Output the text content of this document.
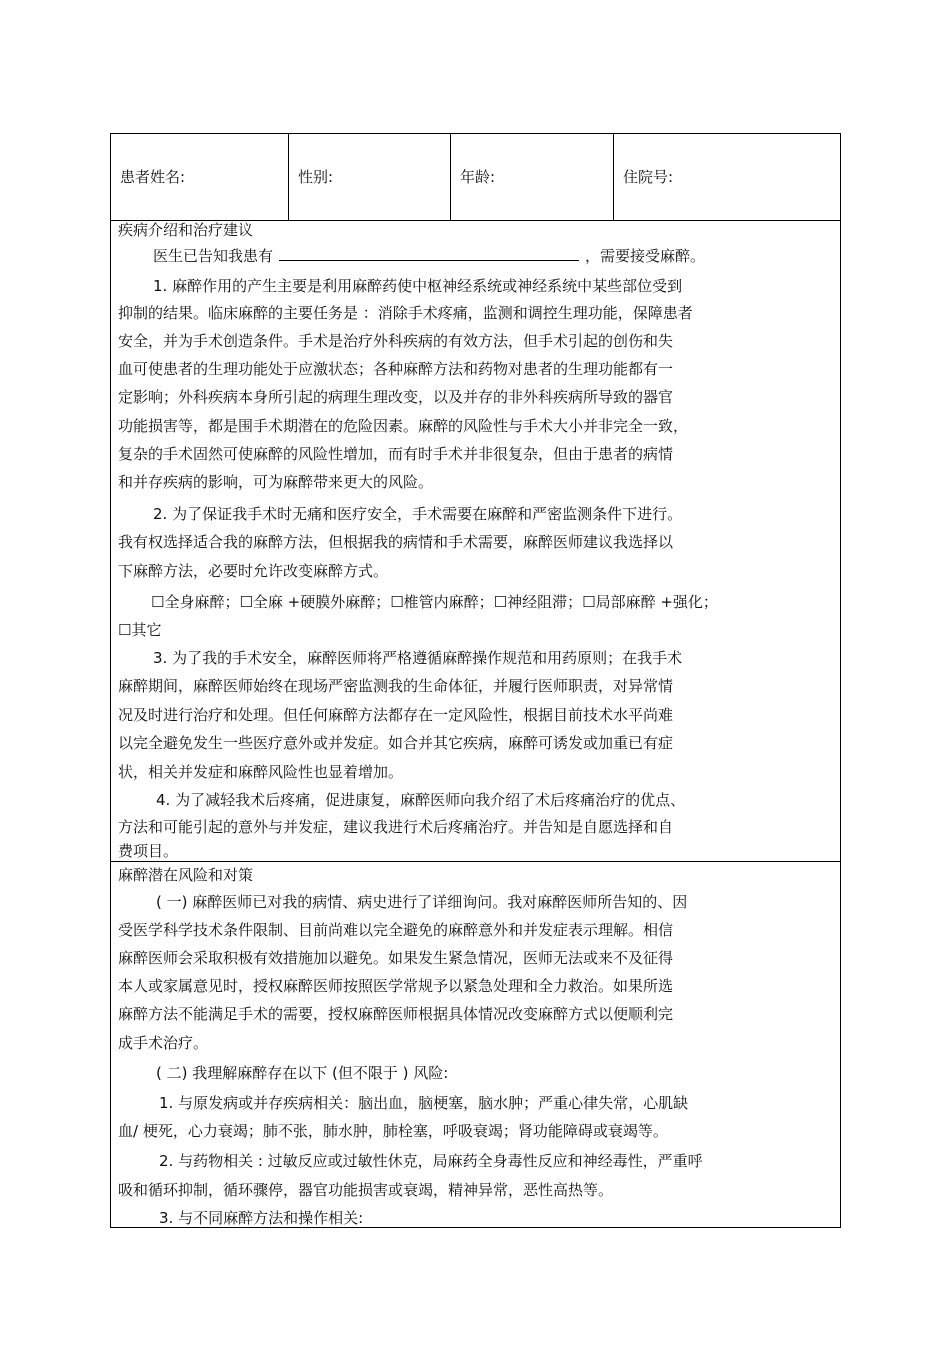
患者姓名:	性别:	年龄:	住院号:
疾病介绍和治疗建议
医生已告知我患有	，需要接受麻醉。
1. 麻醉作用的产生主要是利用麻醉药使中枢神经系统或神经系统中某些部位受到
抑制的结果。临床麻醉的主要任务是 ：消除手术疼痛，监测和调控生理功能，保障患者
安全，并为手术创造条件。手术是治疗外科疾病的有效方法，但手术引起的创伤和失
血可使患者的生理功能处于应激状态；各种麻醉方法和药物对患者的生理功能都有一
定影响；外科疾病本身所引起的病理生理改变，以及并存的非外科疾病所导致的器官
功能损害等，都是围手术期潜在的危险因素。麻醉的风险性与手术大小并非完全一致，
复杂的手术固然可使麻醉的风险性增加，而有时手术并非很复杂，但由于患者的病情
和并存疾病的影响，可为麻醉带来更大的风险。
2. 为了保证我手术时无痛和医疗安全，手术需要在麻醉和严密监测条件下进行。
我有权选择适合我的麻醉方法，但根据我的病情和手术需要，麻醉医师建议我选择以
下麻醉方法，必要时允许改变麻醉方式。
☐全身麻醉；☐全麻 +硬膜外麻醉；☐椎管内麻醉；☐神经阻滞；☐局部麻醉 +强化；
☐其它
3. 为了我的手术安全，麻醉医师将严格遵循麻醉操作规范和用药原则；在我手术
麻醉期间，麻醉医师始终在现场严密监测我的生命体征，并履行医师职责，对异常情
况及时进行治疗和处理。但任何麻醉方法都存在一定风险性，根据目前技术水平尚难
以完全避免发生一些医疗意外或并发症。如合并其它疾病，麻醉可诱发或加重已有症
状，相关并发症和麻醉风险性也显着增加。
4. 为了减轻我术后疼痛，促进康复，麻醉医师向我介绍了术后疼痛治疗的优点、
方法和可能引起的意外与并发症，建议我进行术后疼痛治疗。并告知是自愿选择和自
费项目。
麻醉潜在风险和对策
( 一) 麻醉医师已对我的病情、病史进行了详细询问。我对麻醉医师所告知的、因
受医学科学技术条件限制、目前尚难以完全避免的麻醉意外和并发症表示理解。相信
麻醉医师会采取积极有效措施加以避免。如果发生紧急情况，医师无法或来不及征得
本人或家属意见时，授权麻醉医师按照医学常规予以紧急处理和全力救治。如果所选
麻醉方法不能满足手术的需要，授权麻醉医师根据具体情况改变麻醉方式以便顺利完
成手术治疗。
( 二) 我理解麻醉存在以下 (但不限于 ) 风险:
1. 与原发病或并存疾病相关：脑出血，脑梗塞，脑水肿；严重心律失常，心肌缺
血/ 梗死，心力衰竭；肺不张，肺水肿，肺栓塞，呼吸衰竭；肾功能障碍或衰竭等。
2. 与药物相关 : 过敏反应或过敏性休克，局麻药全身毒性反应和神经毒性，严重呼
吸和循环抑制，循环骤停，器官功能损害或衰竭，精神异常，恶性高热等。
3. 与不同麻醉方法和操作相关:
